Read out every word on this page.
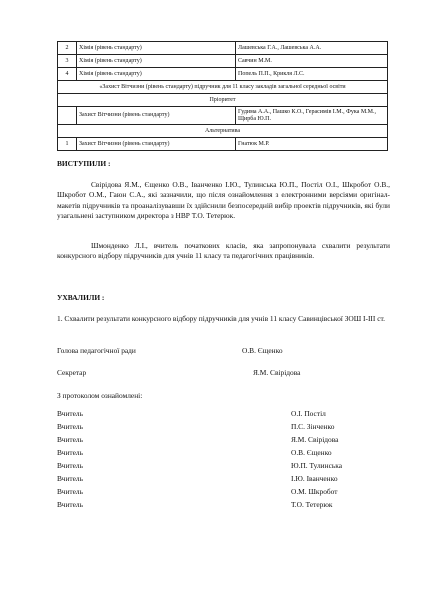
2	Хімія (рівень стандарту)	Лашевська Г.А., Лашевська А.А.
3	Хімія (рівень стандарту)	Савчин М.М.
4	Хімія (рівень стандарту)	Попель П.П., Крикля Л.С.
«Захист Вітчизни (рівень стандарту) підручник для 11 класу закладів загальної середньої освіти		
Пріоритет		
	Захист Вітчизни (рівень стандарту)	Гудима А.А., Пашко К.О., Герасимів І.М., Фука М.М., Щирба Ю.П.
Альтернатива		
1	Захист Вітчизни (рівень стандарту)	Гнатюк М.Р.
ВИСТУПИЛИ :
Свірідова Я.М., Єщенко О.В., Іванченко І.Ю., Тулинська Ю.П., Постіл О.І., Шкробот О.В., Шкробот О.М., Гаюн С.А., які зазначили, що після ознайомлення з електронними версіями оригінал-макетів підручників та проаналізувавши їх здійснили безпосередній вибір проектів підручників, які були узагальнені заступником директора з НВР Т.О. Тетерюк.
Шмонденко Л.І., вчитель початкових класів, яка запропонувала схвалити результати конкурсного відбору підручників для учнів 11 класу та педагогічних працівників.
УХВАЛИЛИ :
1. Схвалити результати конкурсного відбору підручників для учнів 11 класу Савинцівської ЗОШ І-ІІІ ст.
Голова педагогічної ради	О.В. Єщенко
Секретар	Я.М. Свірідова
З протоколом ознайомлені:
Вчитель	О.І. Постіл
Вчитель	П.С. Зінченко
Вчитель	Я.М. Свірідова
Вчитель	О.В. Єщенко
Вчитель	Ю.П. Тулинська
Вчитель	І.Ю. Іванченко
Вчитель	О.М. Шкробот
Вчитель	Т.О. Тетерюк
